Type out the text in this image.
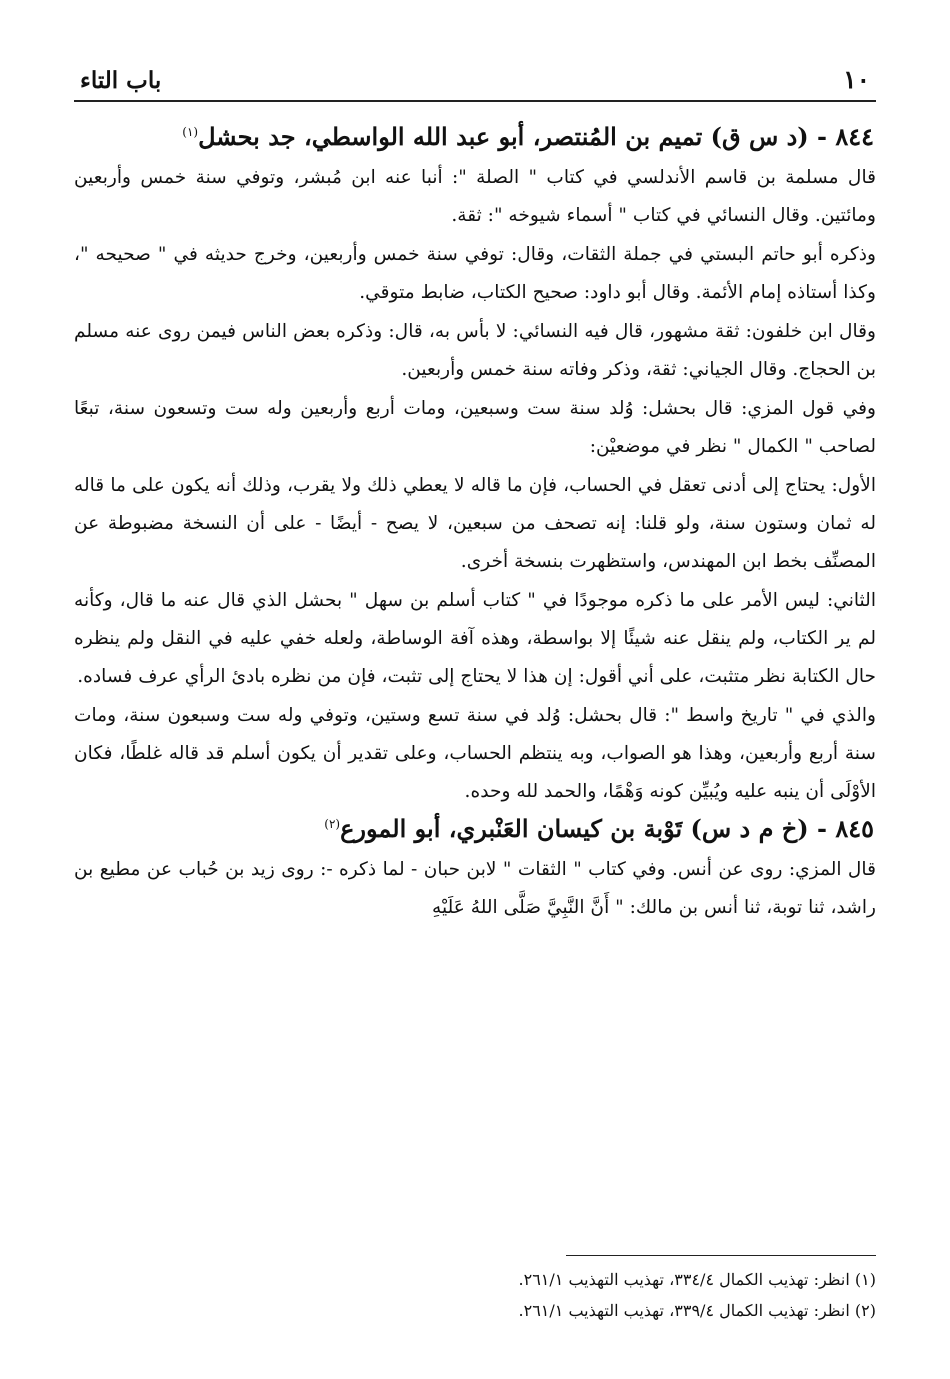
١٠
باب التاء
٨٤٤ - (د س ق) تميم بن المُنتصر، أبو عبد الله الواسطي، جد بحشل$^{(١)}$

قال مسلمة بن قاسم الأندلسي في كتاب " الصلة ": أنبا عنه ابن مُبشر، وتوفي سنة خمس وأربعين ومائتين. وقال النسائي في كتاب " أسماء شيوخه ": ثقة.

وذكره أبو حاتم البستي في جملة الثقات، وقال: توفي سنة خمس وأربعين، وخرج حديثه في " صحيحه "، وكذا أستاذه إمام الأئمة. وقال أبو داود: صحيح الكتاب، ضابط متوقي.

وقال ابن خلفون: ثقة مشهور، قال فيه النسائي: لا بأس به، قال: وذكره بعض الناس فيمن روى عنه مسلم بن الحجاج. وقال الجياني: ثقة، وذكر وفاته سنة خمس وأربعين.

وفي قول المزي: قال بحشل: وُلد سنة ست وسبعين، ومات أربع وأربعين وله ست وتسعون سنة، تبعًا لصاحب " الكمال " نظر في موضعيْن:

الأول: يحتاج إلى أدنى تعقل في الحساب، فإن ما قاله لا يعطي ذلك ولا يقرب، وذلك أنه يكون على ما قاله له ثمان وستون سنة، ولو قلنا: إنه تصحف من سبعين، لا يصح - أيضًا - على أن النسخة مضبوطة عن المصنِّف بخط ابن المهندس، واستظهرت بنسخة أخرى.

الثاني: ليس الأمر على ما ذكره موجودًا في " كتاب أسلم بن سهل " بحشل الذي قال عنه ما قال، وكأنه لم ير الكتاب، ولم ينقل عنه شيئًا إلا بواسطة، وهذه آفة الوساطة، ولعله خفي عليه في النقل ولم ينظره حال الكتابة نظر متثبت، على أني أقول: إن هذا لا يحتاج إلى تثبت، فإن من نظره بادئ الرأي عرف فساده.

والذي في " تاريخ واسط ": قال بحشل: وُلد في سنة تسع وستين، وتوفي وله ست وسبعون سنة، ومات سنة أربع وأربعين، وهذا هو الصواب، وبه ينتظم الحساب، وعلى تقدير أن يكون أسلم قد قاله غلطًا، فكان الأوْلَى أن ينبه عليه ويُبيِّن كونه وَهْمًا، والحمد لله وحده.

٨٤٥ - (خ م د س) تَوْبة بن كيسان العَنْبري، أبو المورع$^{(٢)}$

قال المزي: روى عن أنس. وفي كتاب " الثقات " لابن حبان - لما ذكره -: روى زيد بن حُباب عن مطيع بن راشد، ثنا توبة، ثنا أنس بن مالك: " أَنَّ النَّبِيَّ صَلَّى اللهُ عَلَيْهِ

(١) انظر: تهذيب الكمال ٣٣٤/٤، تهذيب التهذيب ٢٦١/١.

(٢) انظر: تهذيب الكمال ٣٣٩/٤، تهذيب التهذيب ٢٦١/١.
